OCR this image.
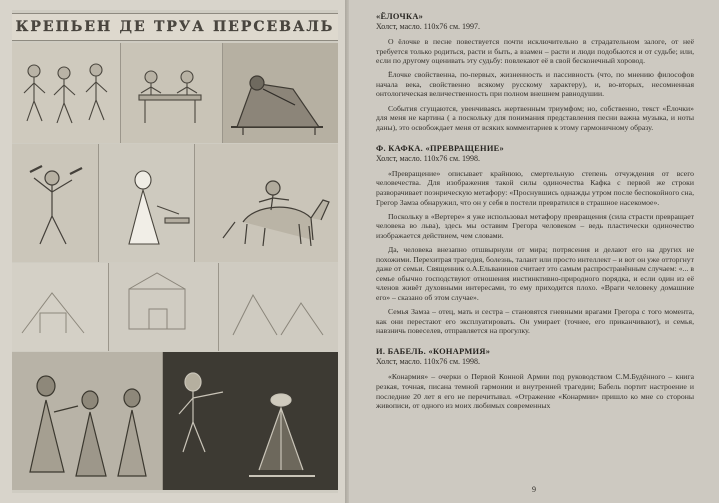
КРЕПЬЕН ДЕ ТРУА ПЕРСЕВАЛЬ
«ЁЛОЧКА»
Холст, масло. 110х76 см. 1997.

О ёлочке в песне повествуется почти исключительно в страдательном залоге, от неё требуется только родиться, расти и быть, а взамен – расти и люди подобьются и от судьбе; или, если по другому оценивать эту судьбу: повлекают её в свой бесконечный хоровод.

Ёлочке свойственна, по-первых, жизненность и пассивность (что, по мнению философов начала века, свойственно всякому русскому характеру), и, во-вторых, несомненная онтологическая величественность при полном внешнем равнодушии.

События сгущаются, увенчиваясь жертвенным триумфом; но, собственно, текст «Ёлочки» для меня не картина ( а поскольку для понимания представления песни важна музыка, и ноты даны), это освобождает меня от всяких комментариев к этому гармоничному образу.

Ф. КАФКА. «ПРЕВРАЩЕНИЕ»
Холст, масло. 110х76 см. 1998.

«Превращение» описывает крайнюю, смертельную степень отчуждения от всего человечества. Для изображения такой силы одиночества Кафка с первой же строки разворачивает поэнрическую метафору: «Проснувшись однажды утром после беспокойного сна, Грегор Замза обнаружил, что он у себя в постели превратился в страшное насекомое».

Поскольку в «Вертере» я уже использовал метафору превращения (сила страсти превращает человека во льва), здесь мы оставим Грегора человеком – ведь пластически одиночество изображается действием, чем словами.

Да, человека внезапно отшвырнули от мира; потрясения и делают его на других не похожими. Перехитрая трагедия, болезнь, талант или просто интеллект – и вот он уже отторгнут даже от семьи. Священник о.А.Ельванинов считает это самым распространённым случаем: «... в семье обычно господствуют отношения инстинктивно-природного порядка, и если один из её членов живёт духовными интересами, то ему приходится плохо. «Враги человеку домашние его» – сказано об этом случае».

Семья Замза – отец, мать и сестра – становятся гневными врагами Грегора с того момента, как они перестают его эксплуатировать. Он умирает (точнее, его приканчивают), и семья, навзничь повеселев, отправляется на прогулку.

И. БАБЕЛЬ. «КОНАРМИЯ»
Холст, масло. 110х76 см. 1998.

«Конармия» – очерки о Первой Конной Армии под руководством С.М.Будённого – книга резкая, точная, писана темной гармонии и внутренней трагедии; Бабель портит настроение и последние 20 лет я его не перечитывал. «Отражение «Конармии» пришло ко мне со стороны живописи, от одного из моих любимых современных

9
